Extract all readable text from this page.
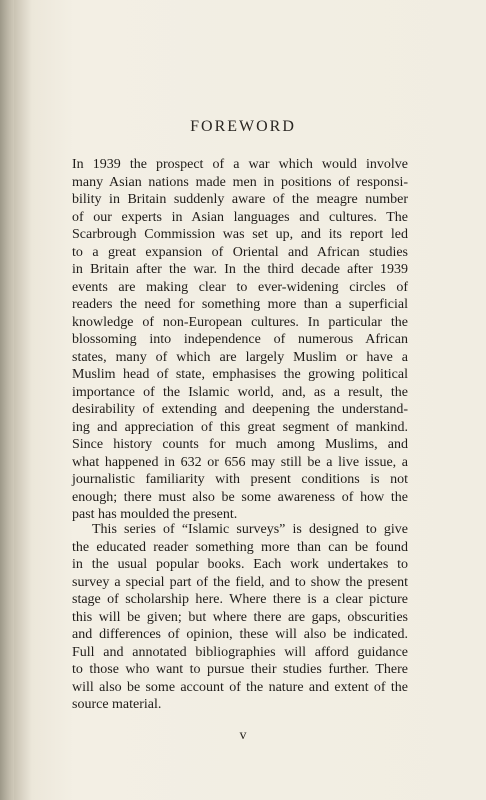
FOREWORD
In 1939 the prospect of a war which would involve
many Asian nations made men in positions of responsi-
bility in Britain suddenly aware of the meagre number
of our experts in Asian languages and cultures. The
Scarbrough Commission was set up, and its report led
to a great expansion of Oriental and African studies
in Britain after the war. In the third decade after 1939
events are making clear to ever-widening circles of
readers the need for something more than a superficial
knowledge of non-European cultures. In particular the
blossoming into independence of numerous African
states, many of which are largely Muslim or have a
Muslim head of state, emphasises the growing political
importance of the Islamic world, and, as a result, the
desirability of extending and deepening the understand-
ing and appreciation of this great segment of mankind.
Since history counts for much among Muslims, and
what happened in 632 or 656 may still be a live issue, a
journalistic familiarity with present conditions is not
enough; there must also be some awareness of how the
past has moulded the present.
This series of “Islamic surveys” is designed to give
the educated reader something more than can be found
in the usual popular books. Each work undertakes to
survey a special part of the field, and to show the present
stage of scholarship here. Where there is a clear picture
this will be given; but where there are gaps, obscurities
and differences of opinion, these will also be indicated.
Full and annotated bibliographies will afford guidance
to those who want to pursue their studies further. There
will also be some account of the nature and extent of the
source material.
v
